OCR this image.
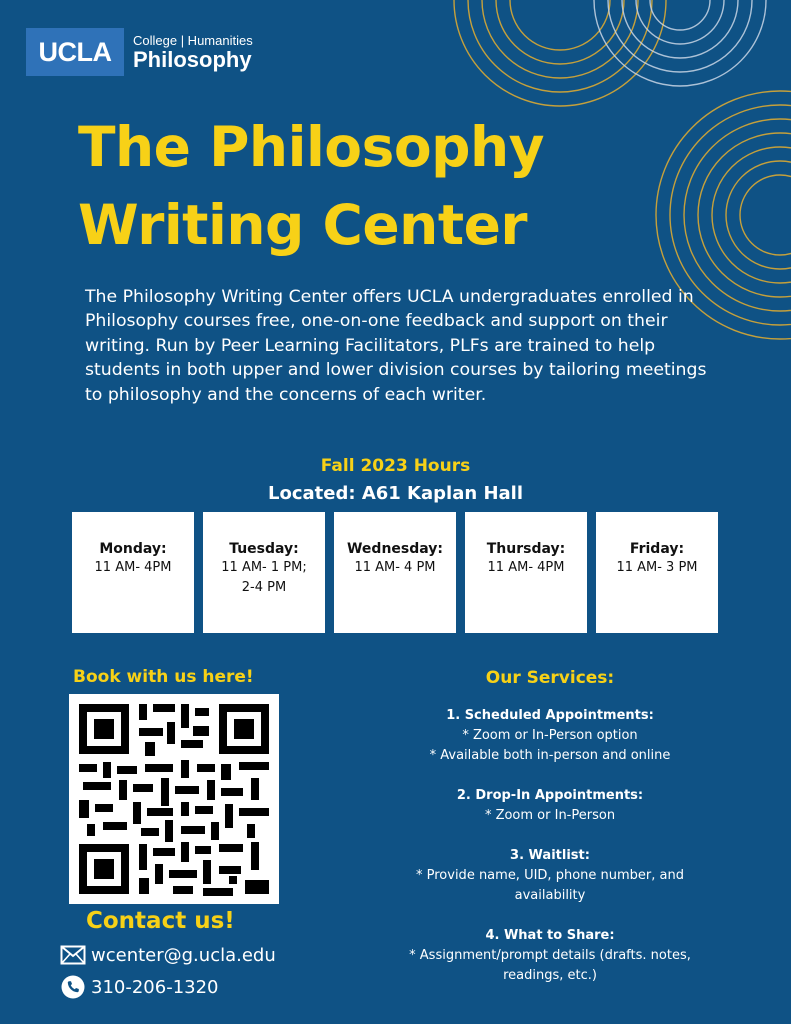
UCLA	College | Humanities
Philosophy
The Philosophy
Writing Center

The Philosophy Writing Center offers UCLA undergraduates enrolled in Philosophy courses free, one-on-one feedback and support on their writing. Run by Peer Learning Facilitators, PLFs are trained to help students in both upper and lower division courses by tailoring meetings to philosophy and the concerns of each writer.

Fall 2023 Hours
Located: A61 Kaplan Hall
Monday:
11 AM- 4PM
Tuesday:
11 AM- 1 PM;
2-4 PM
Wednesday:
11 AM- 4 PM
Thursday:
11 AM- 4PM
Friday:
11 AM- 3 PM
Book with us here!
Contact us!
wcenter@g.ucla.edu
310-206-1320
Our Services:
1. Scheduled Appointments:
* Zoom or In-Person option
* Available both in-person and online
2. Drop-In Appointments:
* Zoom or In-Person
3. Waitlist:
* Provide name, UID, phone number, and
availability
4. What to Share:
* Assignment/prompt details (drafts. notes,
readings, etc.)
